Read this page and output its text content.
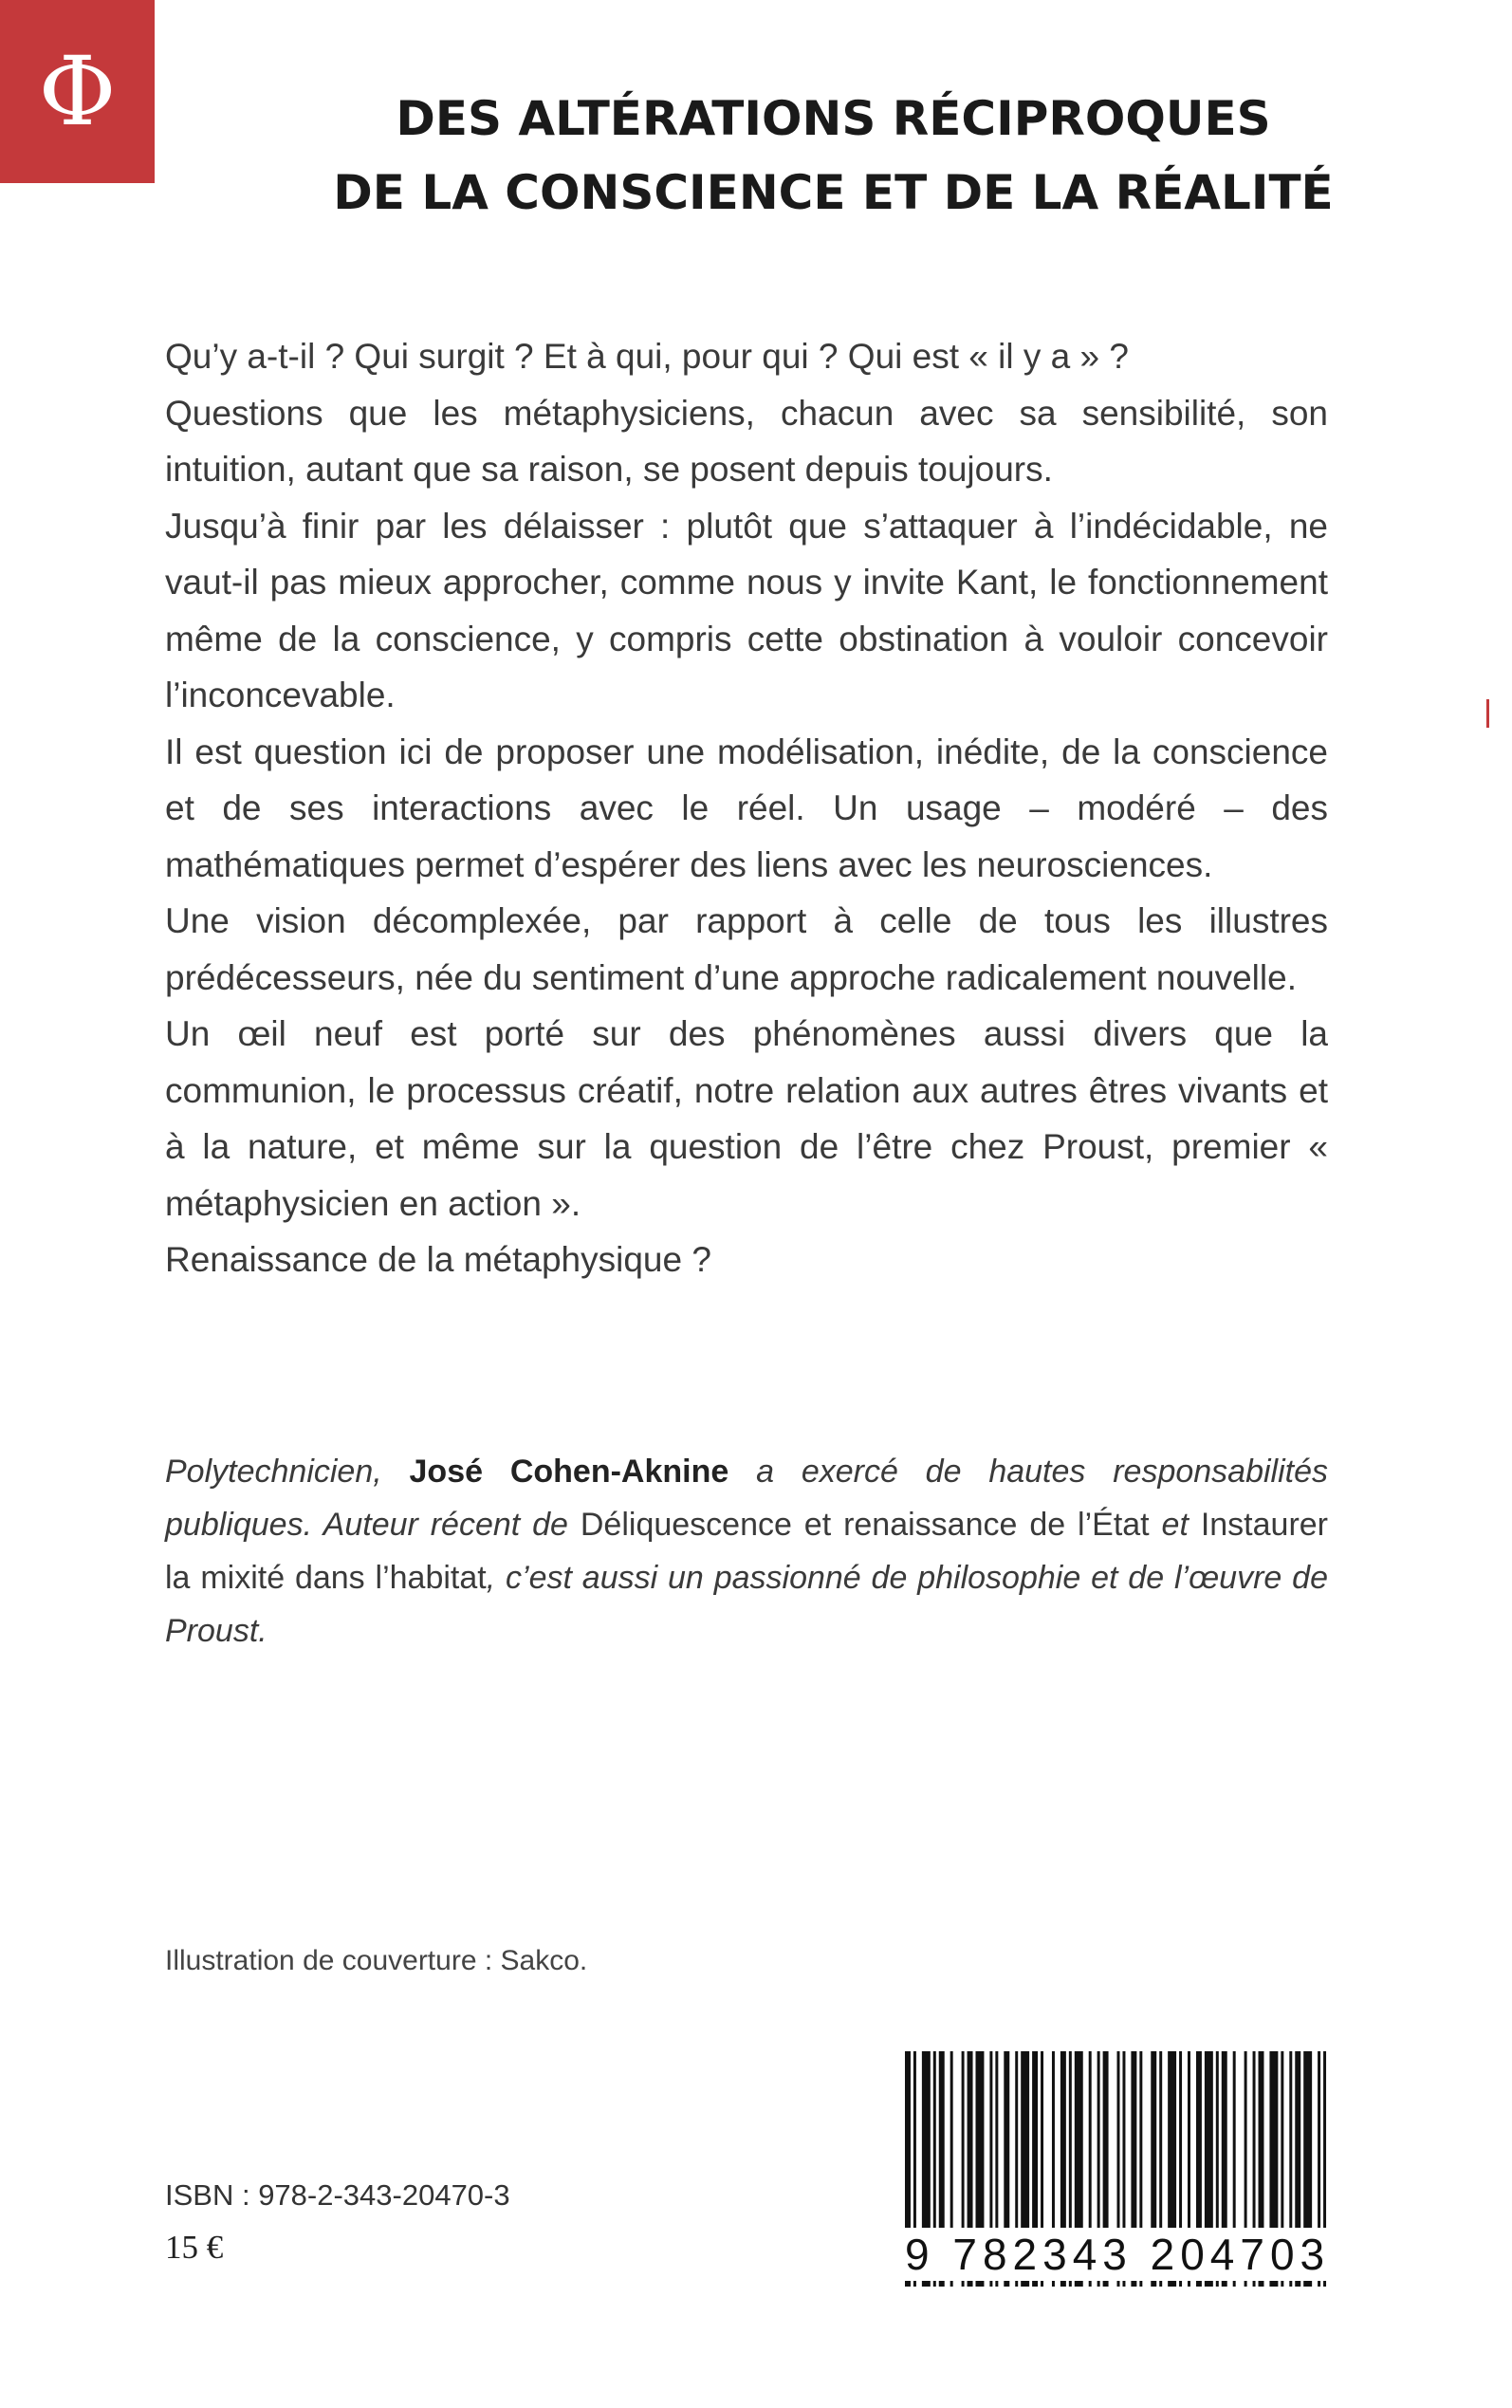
Φ	DES ALTÉRATIONS RÉCIPROQUES
DE LA CONSCIENCE ET DE LA RÉALITÉ

Qu’y a-t-il ? Qui surgit ? Et à qui, pour qui ? Qui est « il y a » ?

Questions que les métaphysiciens, chacun avec sa sensibilité, son intuition, autant que sa raison, se posent depuis toujours.

Jusqu’à finir par les délaisser : plutôt que s’attaquer à l’indécidable, ne vaut-il pas mieux approcher, comme nous y invite Kant, le fonctionnement même de la conscience, y compris cette obstination à vouloir concevoir l’inconcevable.

Il est question ici de proposer une modélisation, inédite, de la conscience et de ses interactions avec le réel. Un usage – modéré – des mathématiques permet d’espérer des liens avec les neurosciences.

Une vision décomplexée, par rapport à celle de tous les illustres prédécesseurs, née du sentiment d’une approche radicalement nouvelle.

Un œil neuf est porté sur des phénomènes aussi divers que la communion, le processus créatif, notre relation aux autres êtres vivants et à la nature, et même sur la question de l’être chez Proust, premier « métaphysicien en action ».

Renaissance de la métaphysique ?

Polytechnicien, José Cohen-Aknine a exercé de hautes responsabilités publiques. Auteur récent de Déliquescence et renaissance de l’État et Instaurer la mixité dans l’habitat, c’est aussi un passionné de philosophie et de l’œuvre de Proust.
Illustration de couverture : Sakco.
ISBN : 978-2-343-20470-3
15 €	9 782343 204703
